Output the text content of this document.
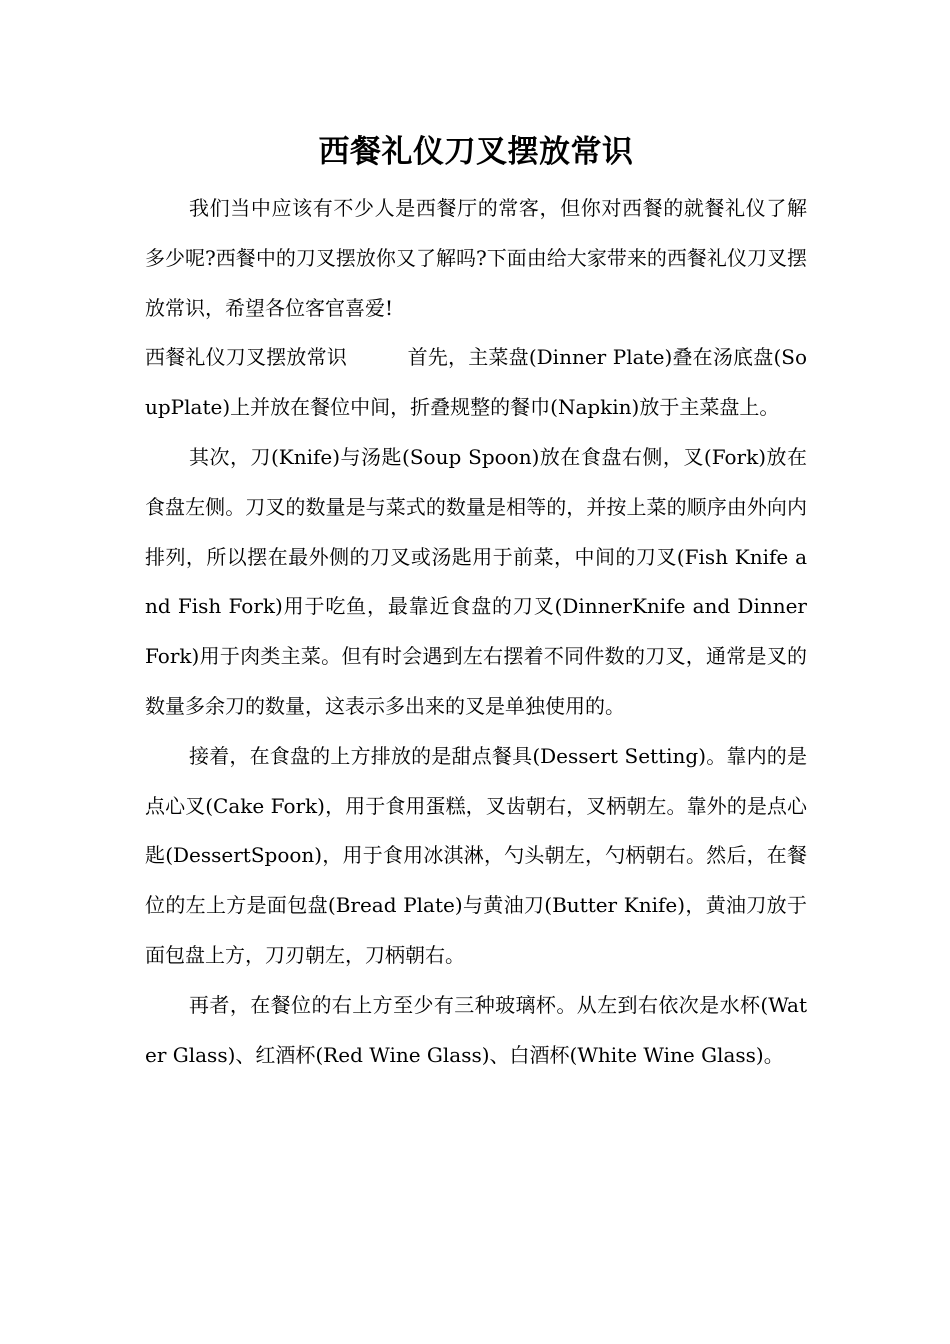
西餐礼仪刀叉摆放常识

我们当中应该有不少人是西餐厅的常客，但你对西餐的就餐礼仪了解多少呢?西餐中的刀叉摆放你又了解吗?下面由给大家带来的西餐礼仪刀叉摆放常识，希望各位客官喜爱!

西餐礼仪刀叉摆放常识　　　首先，主菜盘(Dinner Plate)叠在汤底盘(SoupPlate)上并放在餐位中间，折叠规整的餐巾(Napkin)放于主菜盘上。

其次，刀(Knife)与汤匙(Soup Spoon)放在食盘右侧，叉(Fork)放在食盘左侧。刀叉的数量是与菜式的数量是相等的，并按上菜的顺序由外向内排列，所以摆在最外侧的刀叉或汤匙用于前菜，中间的刀叉(Fish Knife and Fish Fork)用于吃鱼，最靠近食盘的刀叉(DinnerKnife and Dinner Fork)用于肉类主菜。但有时会遇到左右摆着不同件数的刀叉，通常是叉的数量多余刀的数量，这表示多出来的叉是单独使用的。

接着，在食盘的上方排放的是甜点餐具(Dessert Setting)。靠内的是点心叉(Cake Fork)，用于食用蛋糕，叉齿朝右，叉柄朝左。靠外的是点心匙(DessertSpoon)，用于食用冰淇淋，勺头朝左，勺柄朝右。然后，在餐位的左上方是面包盘(Bread Plate)与黄油刀(Butter Knife)，黄油刀放于面包盘上方，刀刃朝左，刀柄朝右。

再者，在餐位的右上方至少有三种玻璃杯。从左到右依次是水杯(Water Glass)、红酒杯(Red Wine Glass)、白酒杯(White Wine Glass)。
